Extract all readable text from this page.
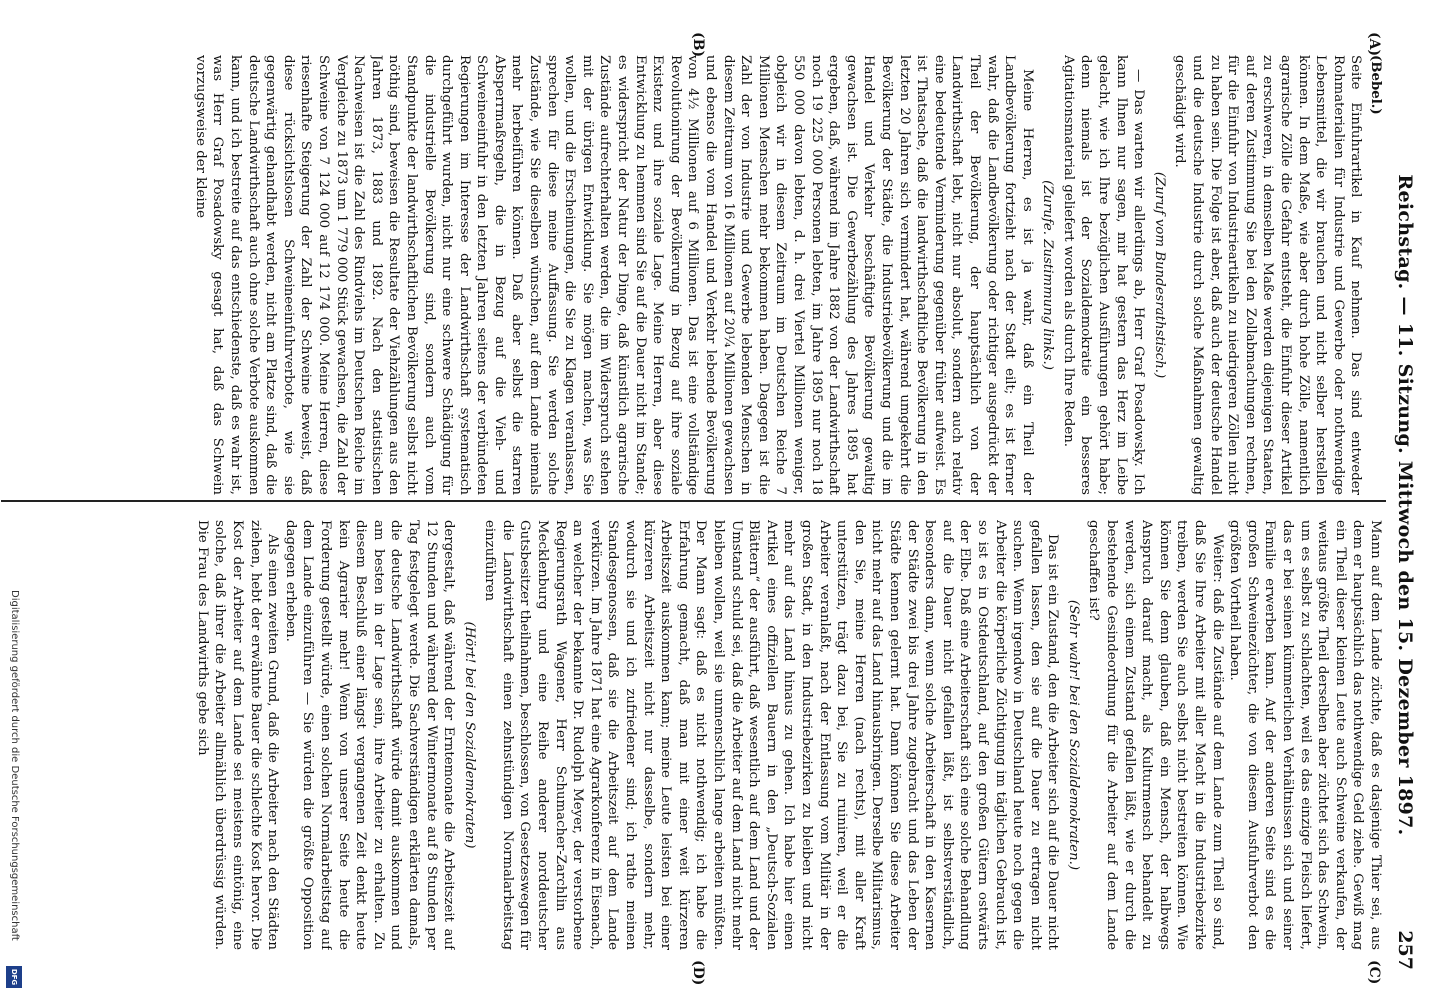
Reichstag. — 11. Sitzung. Mittwoch den 15. Dezember 1897.
257
(A)
(B)
(C)
(D)
(Bebel.)

Seite Einfuhrartikel in Kauf nehmen. Das sind entweder Rohmaterialien für Industrie und Gewerbe oder nothwendige Lebensmittel, die wir brauchen und nicht selber herstellen können. In dem Maße, wie aber durch hohe Zölle, namentlich agrarische Zölle die Gefahr entsteht, die Einfuhr dieser Artikel zu erschweren, in demselben Maße werden diejenigen Staaten, auf deren Zustimmung Sie bei den Zollabmachungen rechnen, für die Einfuhr von Industrieartikeln zu niedrigeren Zöllen nicht zu haben sein. Die Folge ist aber, daß auch der deutsche Handel und die deutsche Industrie durch solche Maßnahmen gewaltig geschädigt wird.

(Zuruf vom Bundesrathstisch.)

— Das warten wir allerdings ab, Herr Graf Posadowsky. Ich kann Ihnen nur sagen, mir hat gestern das Herz im Leibe gelacht, wie ich Ihre bezüglichen Ausführungen gehört habe; denn niemals ist der Sozialdemokratie ein besseres Agitationsmaterial geliefert worden als durch Ihre Reden.

(Zurufe. Zustimmung links.)

Meine Herren, es ist ja wahr, daß ein Theil der Landbevölkerung fortzieht nach der Stadt eilt; es ist ferner wahr, daß die Landbevölkerung oder richtiger ausgedrückt der Theil der Bevölkerung, der hauptsächlich von der Landwirthschaft lebt, nicht nur absolut, sondern auch relativ eine bedeutende Verminderung gegenüber früher aufweist. Es ist Thatsache, daß die landwirthschaftliche Bevölkerung in den letzten 20 Jahren sich vermindert hat, während umgekehrt die Bevölkerung der Städte, die Industriebevölkerung und die im Handel und Verkehr beschäftigte Bevölkerung gewaltig gewachsen ist. Die Gewerbezählung des Jahres 1895 hat ergeben, daß, während im Jahre 1882 von der Landwirthschaft noch 19 225 000 Personen lebten, im Jahre 1895 nur noch 18 550 000 davon lebten, d. h. drei Viertel Millionen weniger, obgleich wir in diesem Zeitraum im Deutschen Reiche 7 Millionen Menschen mehr bekommen haben. Dagegen ist die Zahl der von Industrie und Gewerbe lebenden Menschen in diesem Zeitraum von 16 Millionen auf 20¼ Millionen gewachsen und ebenso die vom Handel und Verkehr lebende Bevölkerung von 4½ Millionen auf 6 Millionen. Das ist eine vollständige Revolutionirung der Bevölkerung in Bezug auf ihre soziale Existenz und ihre soziale Lage. Meine Herren, aber diese Entwicklung zu hemmen sind Sie auf die Dauer nicht im Stande; es widerspricht der Natur der Dinge, daß künstlich agrarische Zustände aufrechterhalten werden, die im Widerspruch stehen mit der übrigen Entwicklung. Sie mögen machen, was Sie wollen, und die Erscheinungen, die Sie zu Klagen veranlassen, sprechen für diese meine Auffassung. Sie werden solche Zustände, wie Sie dieselben wünschen, auf dem Lande niemals mehr herbeiführen können. Daß aber selbst die starren Absperrmaßregeln, die in Bezug auf die Vieh- und Schweineeinfuhr in den letzten Jahren seitens der verbündeten Regierungen im Interesse der Landwirthschaft systematisch durchgeführt wurden, nicht nur eine schwere Schädigung für die industrielle Bevölkerung sind, sondern auch vom Standpunkte der landwirthschaftlichen Bevölkerung selbst nicht nöthig sind, beweisen die Resultate der Viehzählungen aus den Jahren 1873, 1883 und 1892. Nach den statistischen Nachweisen ist die Zahl des Rindviehs im Deutschen Reiche im Vergleiche zu 1873 um 1 779 000 Stück gewachsen, die Zahl der Schweine von 7 124 000 auf 12 174 000. Meine Herren, diese riesenhafte Steigerung der Zahl der Schweine beweist, daß diese rücksichtslosen Schweineeinfuhrverbote, wie sie gegenwärtig gehandhabt werden, nicht am Platze sind, daß die deutsche Landwirthschaft auch ohne solche Verbote auskommen kann, und ich bestreite auf das entschiedenste, daß es wahr ist, was Herr Graf Posadowsky gesagt hat, daß das Schwein vorzugsweise der kleine

Mann auf dem Lande züchte, daß es dasjenige Thier sei, aus dem er hauptsächlich das nothwendige Geld ziehe. Gewiß mag ein Theil dieser kleinen Leute auch Schweine verkaufen, der weitaus größte Theil derselben aber züchtet sich das Schwein, um es selbst zu schlachten, weil es das einzige Fleisch liefert, das er bei seinen kümmerlichen Verhältnissen sich und seiner Familie erwerben kann. Auf der anderen Seite sind es die großen Schweinezüchter, die von diesem Ausfuhrverbot den größten Vortheil haben.

Weiter: daß die Zustände auf dem Lande zum Theil so sind, daß Sie Ihre Arbeiter mit aller Macht in die Industriebezirke treiben, werden Sie auch selbst nicht bestreiten können. Wie können Sie denn glauben, daß ein Mensch, der halbwegs Anspruch darauf macht, als Kulturmensch behandelt zu werden, sich einem Zustand gefallen läßt, wie er durch die bestehende Gesindeordnung für die Arbeiter auf dem Lande geschaffen ist?

(Sehr wahr! bei den Sozialdemokraten.)

Das ist ein Zustand, den die Arbeiter sich auf die Dauer nicht gefallen lassen, den sie auf die Dauer zu ertragen nicht suchen. Wenn irgendwo in Deutschland heute noch gegen die Arbeiter die körperliche Züchtigung im täglichen Gebrauch ist, so ist es in Ostdeutschland, auf den großen Gütern ostwärts der Elbe. Daß eine Arbeiterschaft sich eine solche Behandlung auf die Dauer nicht gefallen läßt, ist selbstverständlich, besonders dann, wenn solche Arbeiterschaft in den Kasernen der Städte zwei bis drei Jahre zugebracht und das Leben der Städte kennen gelernt hat. Dann können Sie diese Arbeiter nicht mehr auf das Land hinausbringen. Derselbe Militarismus, den Sie, meine Herren (nach rechts), mit aller Kraft unterstützen, trägt dazu bei, Sie zu ruiniren, weil er die Arbeiter veranlaßt, nach der Entlassung vom Militär in der großen Stadt, in den Industriebezirken zu bleiben und nicht mehr auf das Land hinaus zu gehen. Ich habe hier einen Artikel eines offiziellen Bauern in den „Deutsch-Sozialen Blättern“ der ausführt, daß wesentlich auf dem Land und der Umstand schuld sei, daß die Arbeiter auf dem Land nicht mehr bleiben wollen, weil sie unmenschlich lange arbeiten müßten. Der Mann sagt: daß es nicht nothwendig; ich habe die Erfahrung gemacht, daß man mit einer weit kürzeren Arbeitszeit auskommen kann; meine Leute leisten bei einer kürzeren Arbeitszeit nicht nur dasselbe, sondern mehr, wodurch sie und ich zufriedener sind; ich rathe meinen Standesgenossen, daß sie die Arbeitszeit auf dem Lande verkürzen. Im Jahre 1871 hat eine Agrarkonferenz in Eisenach, an welcher der bekannte Dr. Rudolph Meyer, der verstorbene Regierungsrath Wagener, Herr Schumacher-Zarchlin aus Mecklenburg und eine Reihe anderer norddeutscher Gutsbesitzer theilnahmen, beschlossen, von Gesetzeswegen für die Landwirthschaft einen zehnstündigen Normalarbeitstag einzuführen

(Hört! bei den Sozialdemokraten)

dergestalt, daß während der Erntemonate die Arbeitszeit auf 12 Stunden und während der Wintermonate auf 8 Stunden per Tag festgelegt werde. Die Sachverständigen erklärten damals, die deutsche Landwirthschaft würde damit auskommen und am besten in der Lage sein, ihre Arbeiter zu erhalten. Zu diesem Beschluß einer längst vergangenen Zeit denkt heute kein Agrarier mehr! Wenn von unserer Seite heute die Forderung gestellt würde, einen solchen Normalarbeitstag auf dem Lande einzuführen — Sie würden die größte Opposition dagegen erheben.

Als einen zweiten Grund, daß die Arbeiter nach den Städten ziehen, hebt der erwähnte Bauer die schlechte Kost hervor. Die Kost der Arbeiter auf dem Lande sei meistens eintönig, eine solche, daß ihrer die Arbeiter allmählich überdrüssig würden. Die Frau des Landwirths gebe sich

Digitalisierung gefördert durch die Deutsche Forschungsgemeinschaft
DFG
